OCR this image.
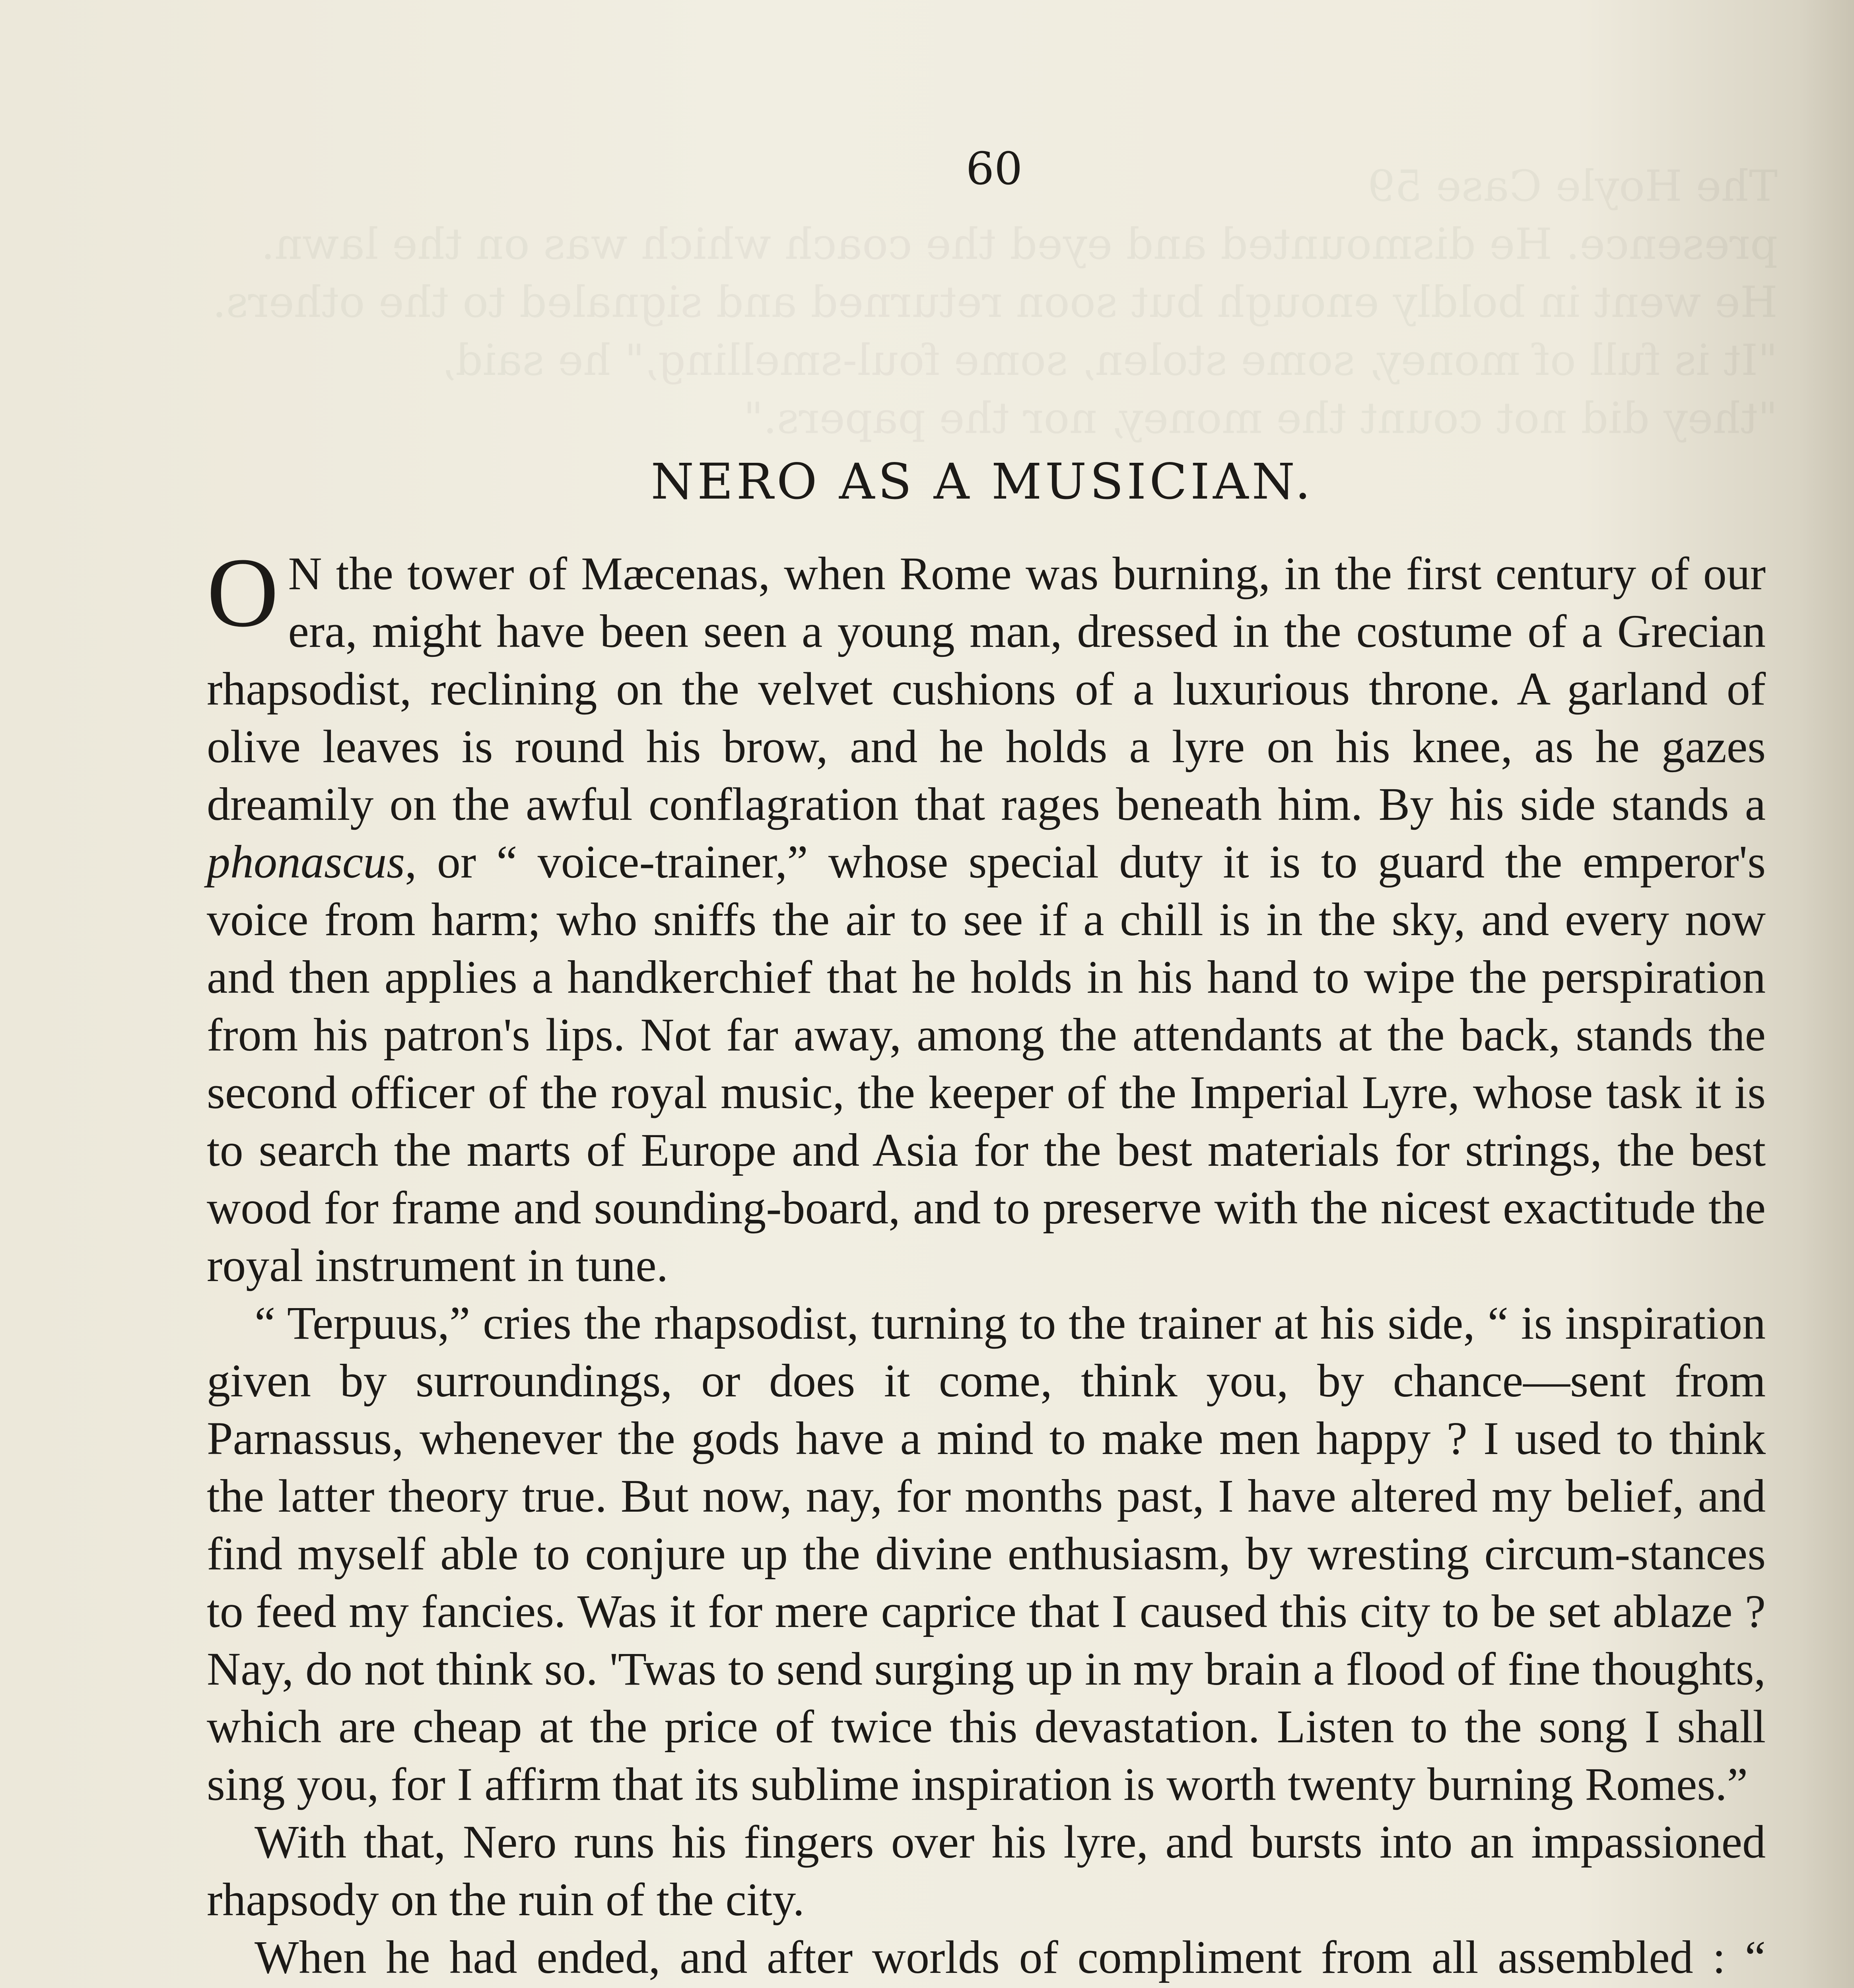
The Hoyle Case 59
presence. He dismounted and eyed the coach which was on the lawn.
He went in boldly enough but soon returned and signaled to the others.
"It is full of money, some stolen, some foul-smelling," he said,
"they did not count the money, nor the papers."

60
NERO AS A MUSICIAN.

O N the tower of Mæcenas, when Rome was burning, in the first century of our era, might have been seen a young man, dressed in the costume of a Grecian rhapsodist, reclining on the velvet cushions of a luxurious throne. A garland of olive leaves is round his brow, and he holds a lyre on his knee, as he gazes dreamily on the awful conflagration that rages beneath him. By his side stands a phonascus, or “ voice-trainer,” whose special duty it is to guard the emperor's voice from harm; who sniffs the air to see if a chill is in the sky, and every now and then applies a handkerchief that he holds in his hand to wipe the perspiration from his patron's lips. Not far away, among the attendants at the back, stands the second officer of the royal music, the keeper of the Imperial Lyre, whose task it is to search the marts of Europe and Asia for the best materials for strings, the best wood for frame and sounding-board, and to preserve with the nicest exactitude the royal instrument in tune.

“ Terpuus,” cries the rhapsodist, turning to the trainer at his side, “ is inspiration given by surroundings, or does it come, think you, by chance—sent from Parnassus, whenever the gods have a mind to make men happy ? I used to think the latter theory true. But now, nay, for months past, I have altered my belief, and find myself able to conjure up the divine enthusiasm, by wresting circum-stances to feed my fancies. Was it for mere caprice that I caused this city to be set ablaze ? Nay, do not think so. 'Twas to send surging up in my brain a flood of fine thoughts, which are cheap at the price of twice this devastation. Listen to the song I shall sing you, for I affirm that its sublime inspiration is worth twenty burning Romes.”

With that, Nero runs his fingers over his lyre, and bursts into an impassioned rhapsody on the ruin of the city.

When he had ended, and after worlds of compliment from all assembled : “
